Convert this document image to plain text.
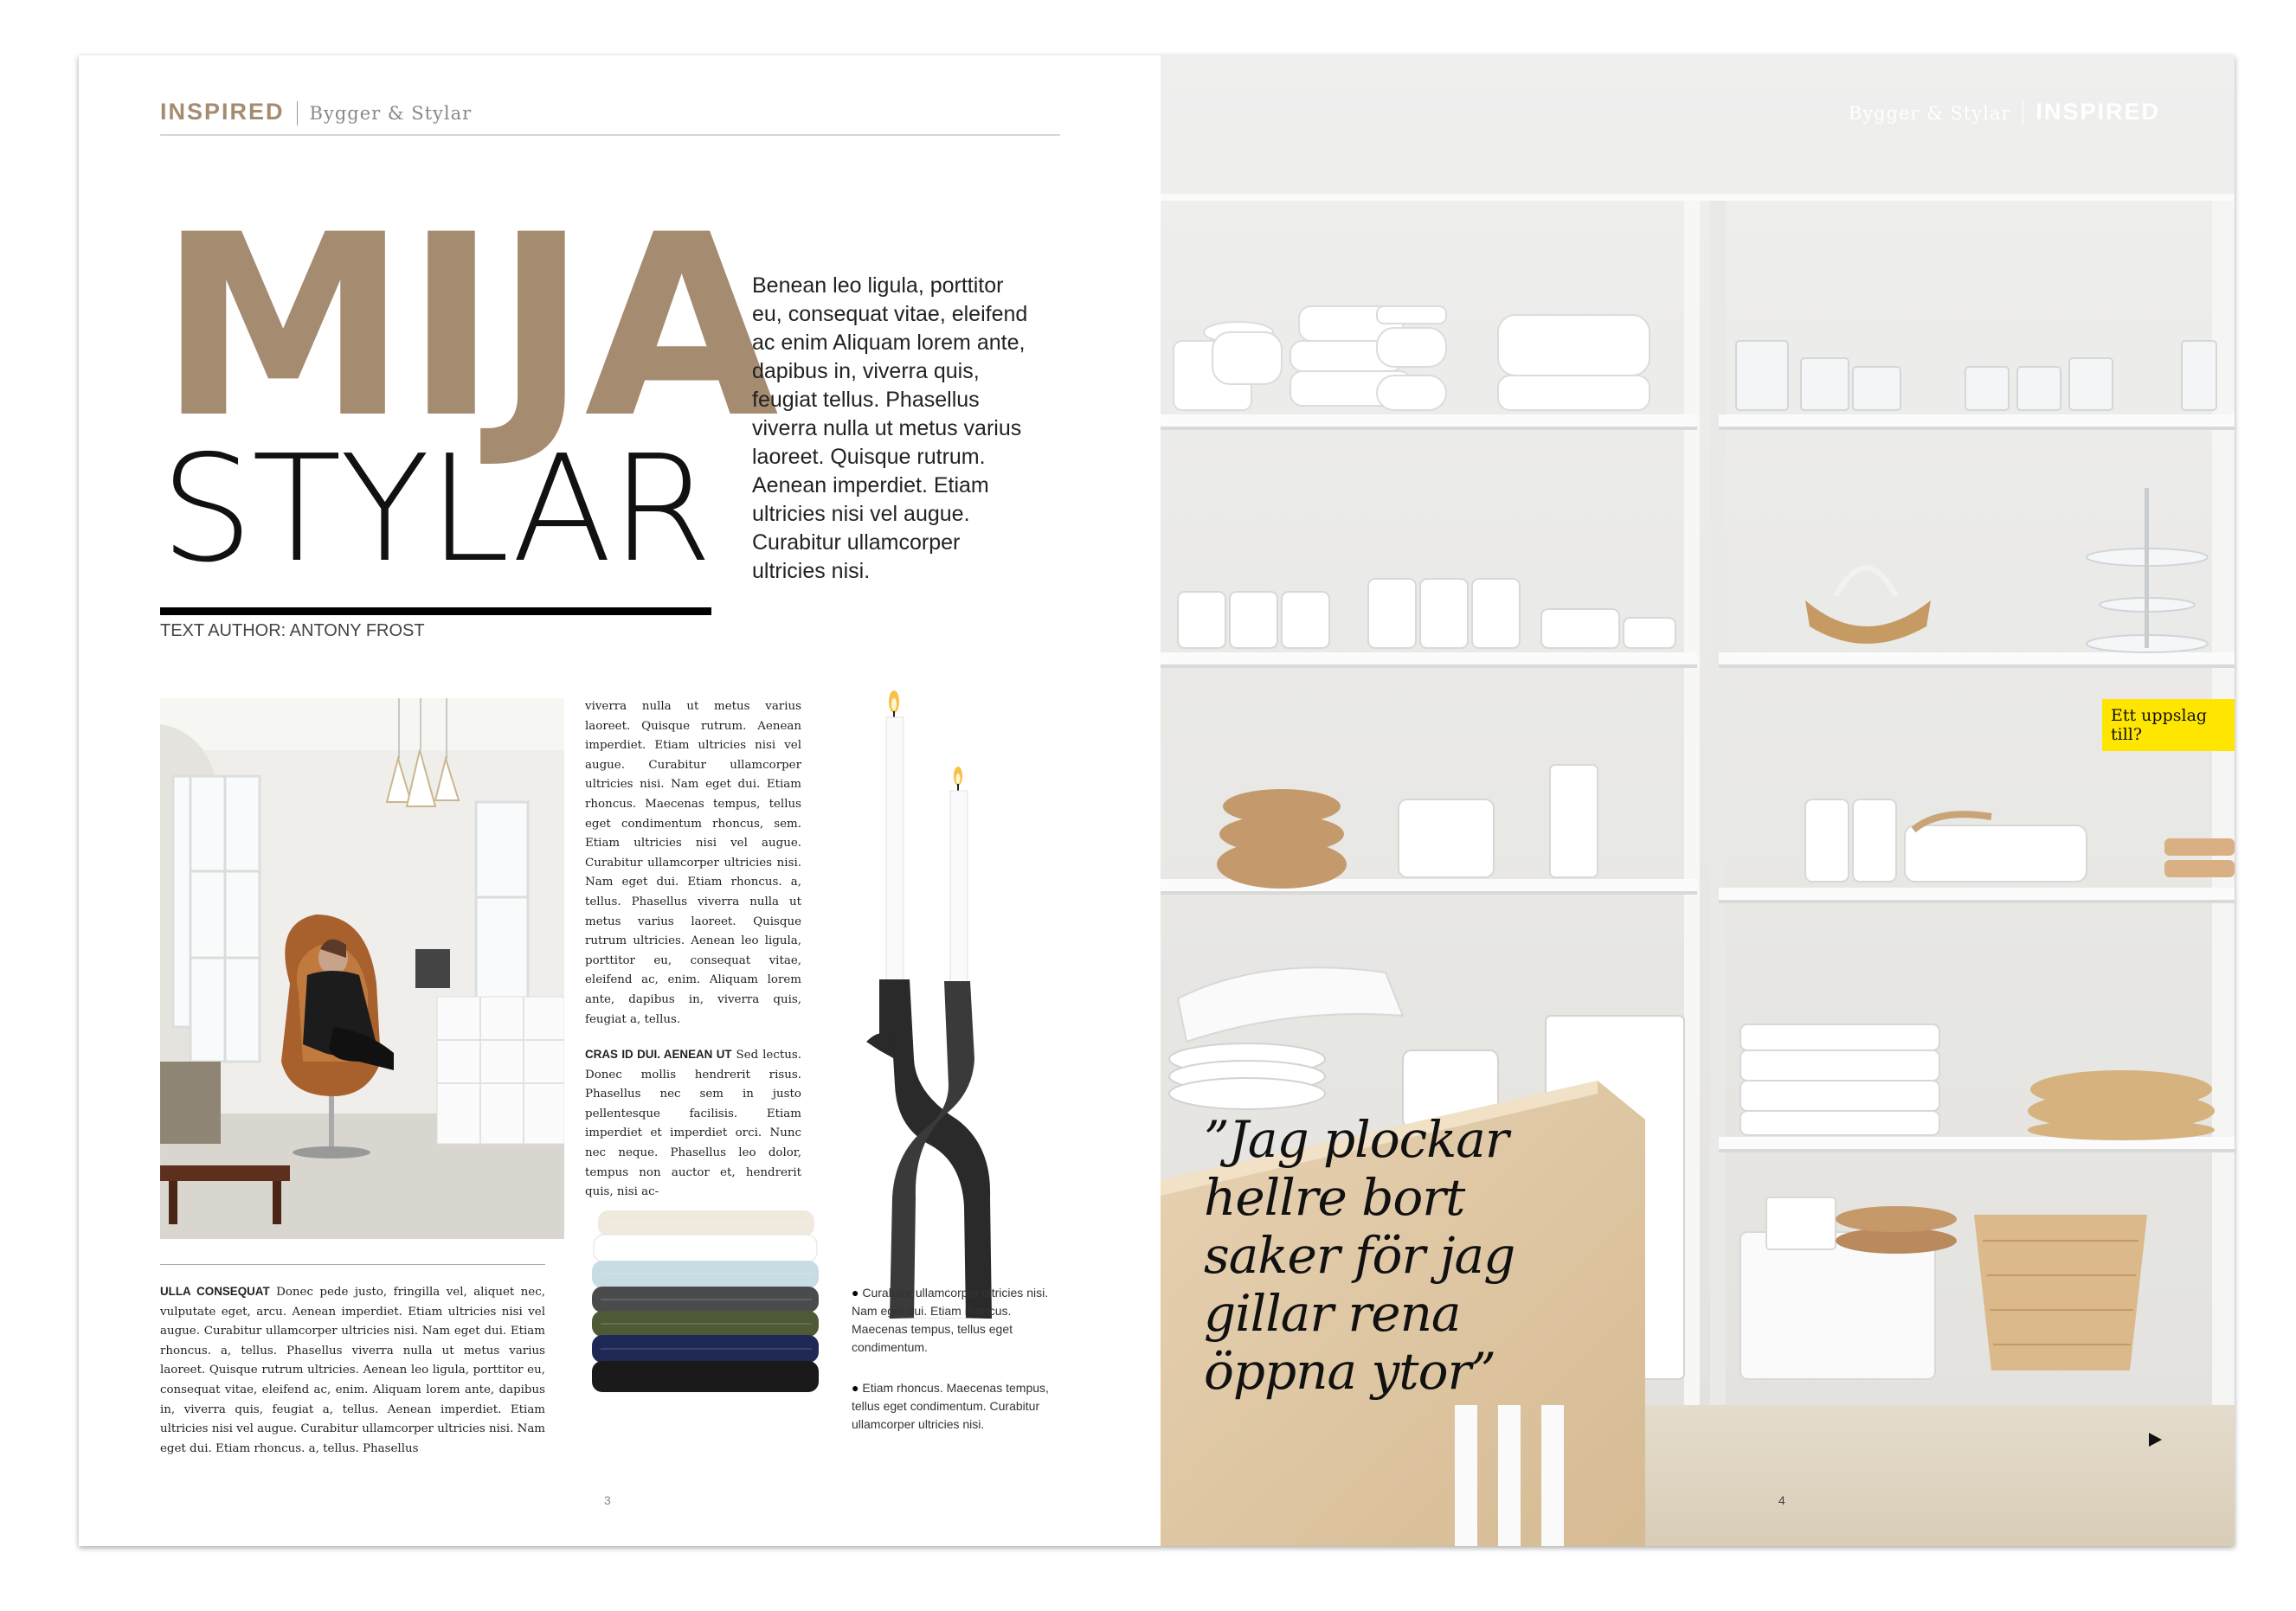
INSPIRED Bygger & Stylar
MIJA
STYLAR
TEXT AUTHOR: ANTONY FROST
Benean leo ligula, porttitor eu, consequat vitae, eleifend ac enim Aliquam lorem ante, dapibus in, viverra quis, feugiat tellus. Phasellus viverra nulla ut metus varius laoreet. Quisque rutrum. Aenean imperdiet. Etiam ultricies nisi vel augue. Curabitur ullamcorper ultricies nisi.
ULLA CONSEQUAT Donec pede justo, fringilla vel, aliquet nec, vulputate eget, arcu. Aenean imperdiet. Etiam ultricies nisi vel augue. Curabitur ullamcorper ultricies nisi. Nam eget dui. Etiam rhoncus. a, tellus. Phasellus viverra nulla ut metus varius laoreet. Quisque rutrum ultricies. Aenean leo ligula, porttitor eu, consequat vitae, eleifend ac, enim. Aliquam lorem ante, dapibus in, viverra quis, feugiat a, tellus. Aenean imperdiet. Etiam ultricies nisi vel augue. Curabitur ullamcorper ultricies nisi. Nam eget dui. Etiam rhoncus. a, tellus. Phasellus
viverra nulla ut metus varius laoreet. Quisque rutrum. Aenean imperdiet. Etiam ultricies nisi vel augue. Curabitur ullamcorper ultricies nisi. Nam eget dui. Etiam rhoncus. Maecenas tempus, tellus eget condimentum rhoncus, sem. Etiam ultricies nisi vel augue. Curabitur ullamcorper ultricies nisi. Nam eget dui. Etiam rhoncus. a, tellus. Phasellus viverra nulla ut metus varius laoreet. Quisque rutrum ultricies. Aenean leo ligula, porttitor eu, consequat vitae, eleifend ac, enim. Aliquam lorem ante, dapibus in, viverra quis, feugiat a, tellus.
CRAS ID DUI. AENEAN UT Sed lectus. Donec mollis hendrerit risus. Phasellus nec sem in justo pellentesque facilisis. Etiam imperdiet et imperdiet orci. Nunc nec neque. Phasellus leo dolor, tempus non auctor et, hendrerit quis, nisi ac-
● Curabitur ullamcorper ultricies nisi. Nam eget dui. Etiam rhoncus. Maecenas tempus, tellus eget condimentum.
● Etiam rhoncus. Maecenas tempus, tellus eget condimentum. Curabitur ullamcorper ultricies nisi.
3
Bygger & Stylar INSPIRED
Ett uppslag till?
”Jag plockar hellre bort saker för jag gillar rena öppna ytor”
4
